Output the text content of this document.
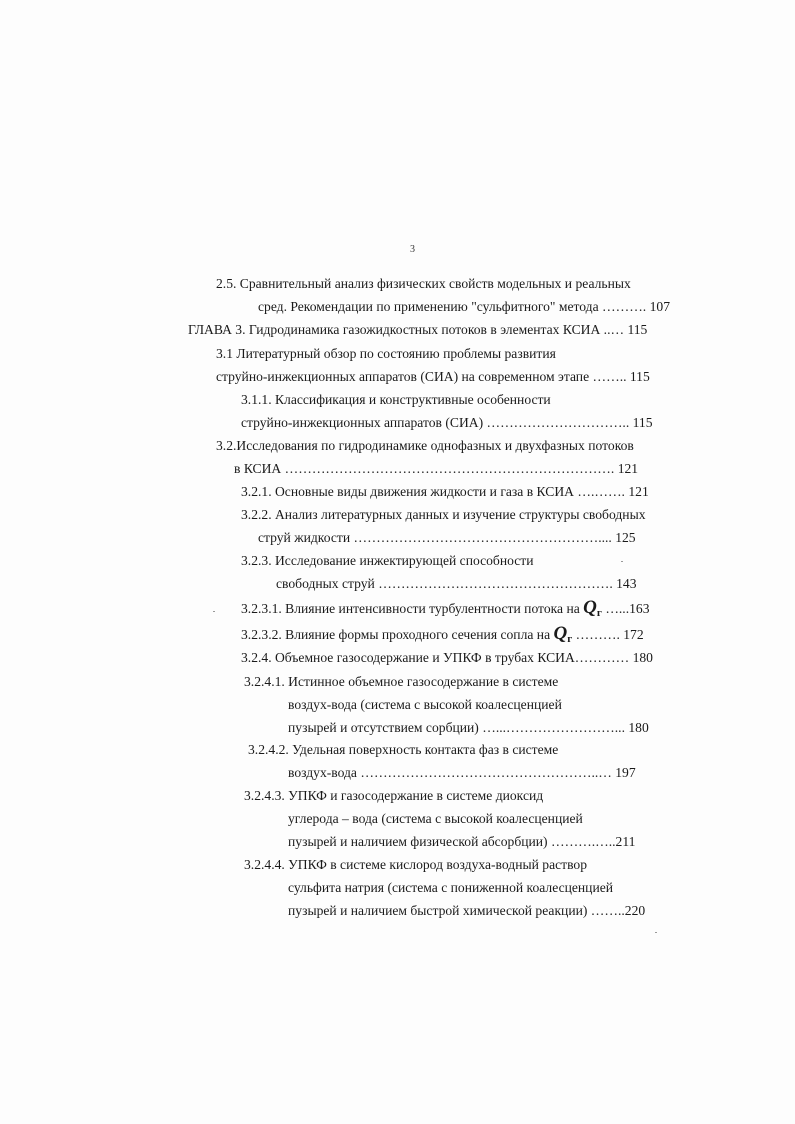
3
2.5. Сравнительный анализ физических свойств модельных и реальных
сред. Рекомендации по применению "сульфитного" метода ………. 107
ГЛАВА 3. Гидродинамика газожидкостных потоков в элементах КСИА ..… 115
3.1 Литературный обзор по состоянию проблемы развития
струйно-инжекционных аппаратов (СИА) на современном этапе …….. 115
3.1.1. Классификация и конструктивные особенности
струйно-инжекционных аппаратов (СИА) ………………………….. 115
3.2.Исследования по гидродинамике однофазных и двухфазных потоков
в КСИА ………………………………………………………………. 121
3.2.1. Основные виды движения жидкости и газа в КСИА ….……. 121
3.2.2. Анализ литературных данных и изучение структуры свободных
струй жидкости ……………………………………………….... 125
3.2.3. Исследование инжектирующей способности
свободных струй ……………………………………………. 143
3.2.3.1. Влияние интенсивности турбулентности потока на $Q_г$ …...163
3.2.3.2. Влияние формы проходного сечения сопла на $Q_г$ ………. 172
3.2.4. Объемное газосодержание и УПКФ в трубах КСИА………… 180
3.2.4.1. Истинное объемное газосодержание в системе
воздух-вода (система с высокой коалесценцией
пузырей и отсутствием сорбции) …...……………………... 180
3.2.4.2. Удельная поверхность контакта фаз в системе
воздух-вода ……………………………………………..… 197
3.2.4.3. УПКФ и газосодержание в системе диоксид
углерода – вода (система с высокой коалесценцией
пузырей и наличием физической абсорбции) ……….…..211
3.2.4.4. УПКФ в системе кислород воздуха-водный раствор
сульфита натрия (система с пониженной коалесценцией
пузырей и наличием быстрой химической реакции) ……..220
